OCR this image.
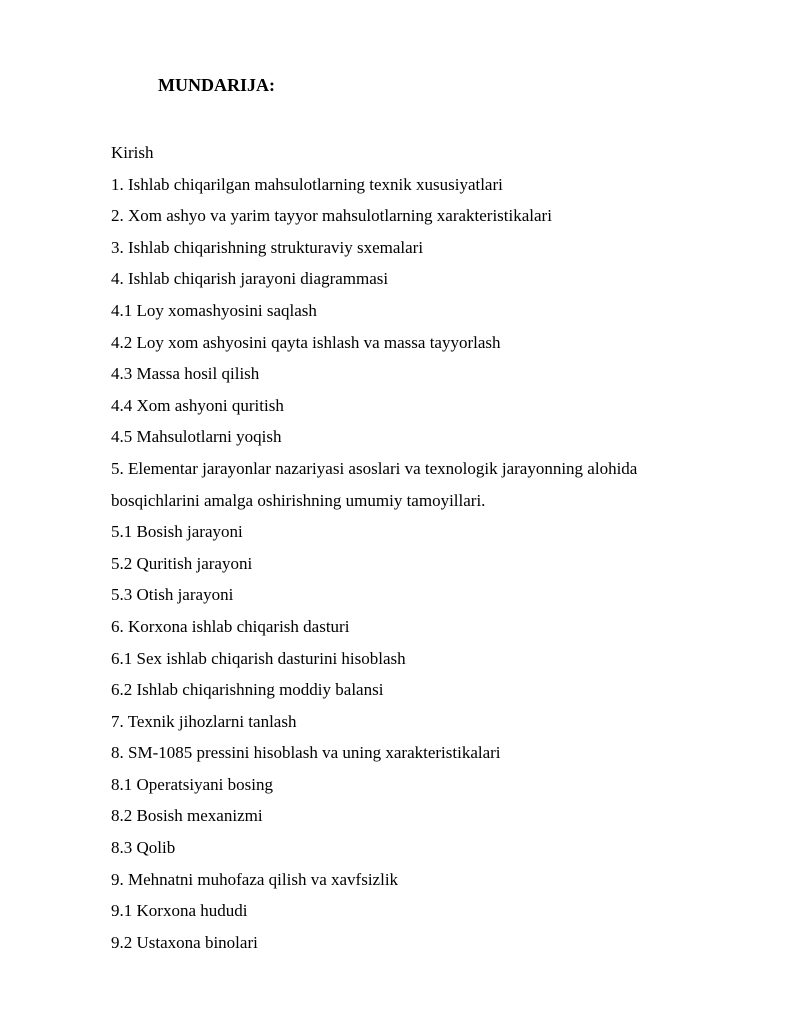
MUNDARIJA:
Kirish
1. Ishlab chiqarilgan mahsulotlarning texnik xususiyatlari
2. Xom ashyo va yarim tayyor mahsulotlarning xarakteristikalari
3. Ishlab chiqarishning strukturaviy sxemalari
4. Ishlab chiqarish jarayoni diagrammasi
4.1 Loy xomashyosini saqlash
4.2 Loy xom ashyosini qayta ishlash va massa tayyorlash
4.3 Massa hosil qilish
4.4 Xom ashyoni quritish
4.5 Mahsulotlarni yoqish
5. Elementar jarayonlar nazariyasi asoslari va texnologik jarayonning alohida
bosqichlarini amalga oshirishning umumiy tamoyillari.
5.1 Bosish jarayoni
5.2 Quritish jarayoni
5.3 Otish jarayoni
6. Korxona ishlab chiqarish dasturi
6.1 Sex ishlab chiqarish dasturini hisoblash
6.2 Ishlab chiqarishning moddiy balansi
7. Texnik jihozlarni tanlash
8. SM-1085 pressini hisoblash va uning xarakteristikalari
8.1 Operatsiyani bosing
8.2 Bosish mexanizmi
8.3 Qolib
9. Mehnatni muhofaza qilish va xavfsizlik
9.1 Korxona hududi
9.2 Ustaxona binolari
